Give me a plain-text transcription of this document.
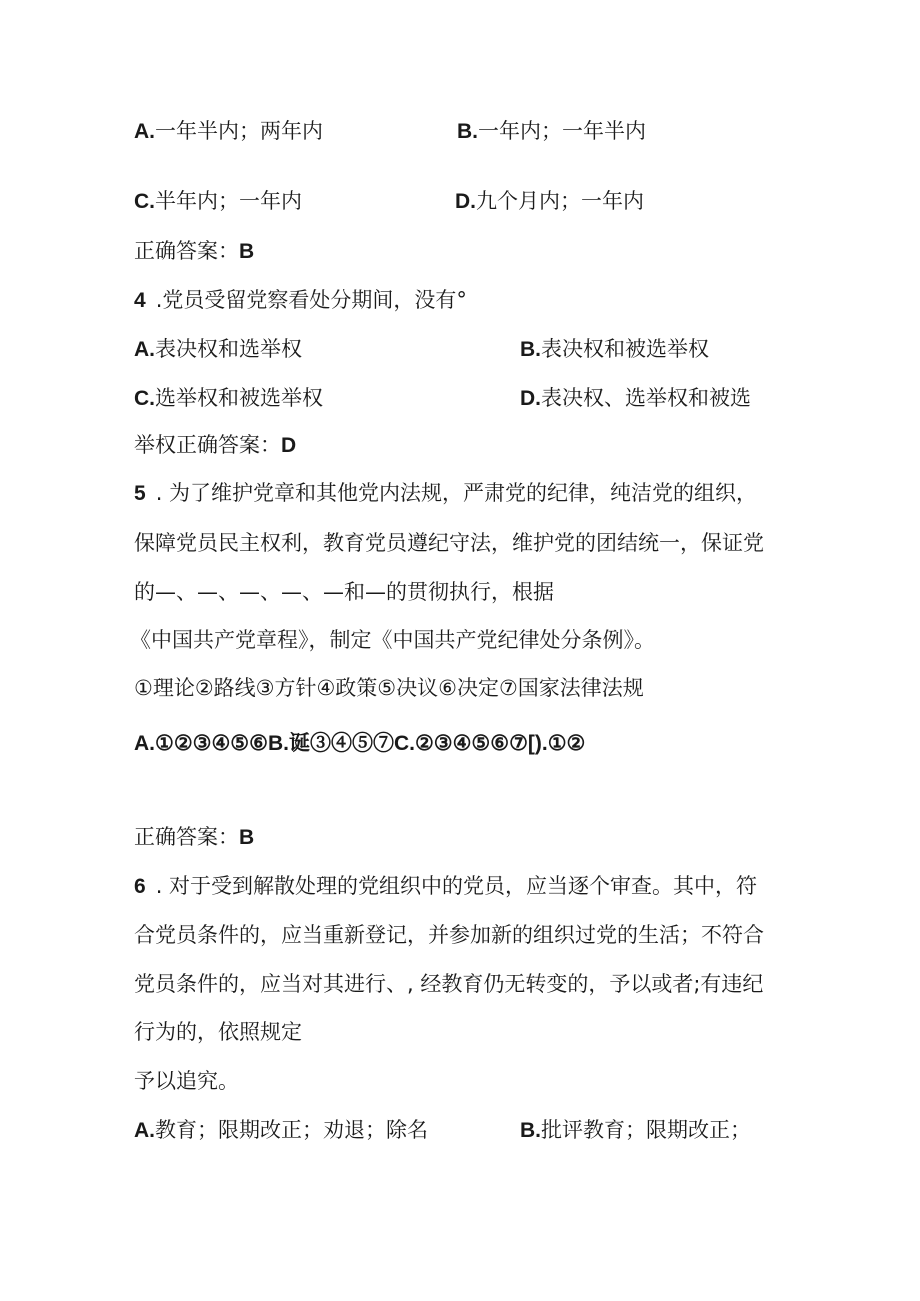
A.一年半内；两年内	B.一年内；一年半内
C.半年内；一年内	D.九个月内；一年内
正确答案：B
4 .党员受留党察看处分期间，没有°
A.表决权和选举权	B.表决权和被选举权
C.选举权和被选举权	D.表决权、选举权和被选
举权正确答案：D
5 . 为了维护党章和其他党内法规，严肃党的纪律，纯洁党的组织，
保障党员民主权利，教育党员遵纪守法，维护党的团结统一，保证党
的—、—、—、—、—和—的贯彻执行，根据
《中国共产党章程》，制定《中国共产党纪律处分条例》。
①理论②路线③方针④政策⑤决议⑥决定⑦国家法律法规
A.①②③④⑤⑥B.诞③④⑤⑦C.②③④⑤⑥⑦[).①②
正确答案：B
6 . 对于受到解散处理的党组织中的党员，应当逐个审查。其中，符
合党员条件的，应当重新登记，并参加新的组织过党的生活；不符合
党员条件的，应当对其进行、, 经教育仍无转变的，予以或者;有违纪
行为的，依照规定
予以追究。
A.教育；限期改正；劝退；除名	B.批评教育；限期改正；
